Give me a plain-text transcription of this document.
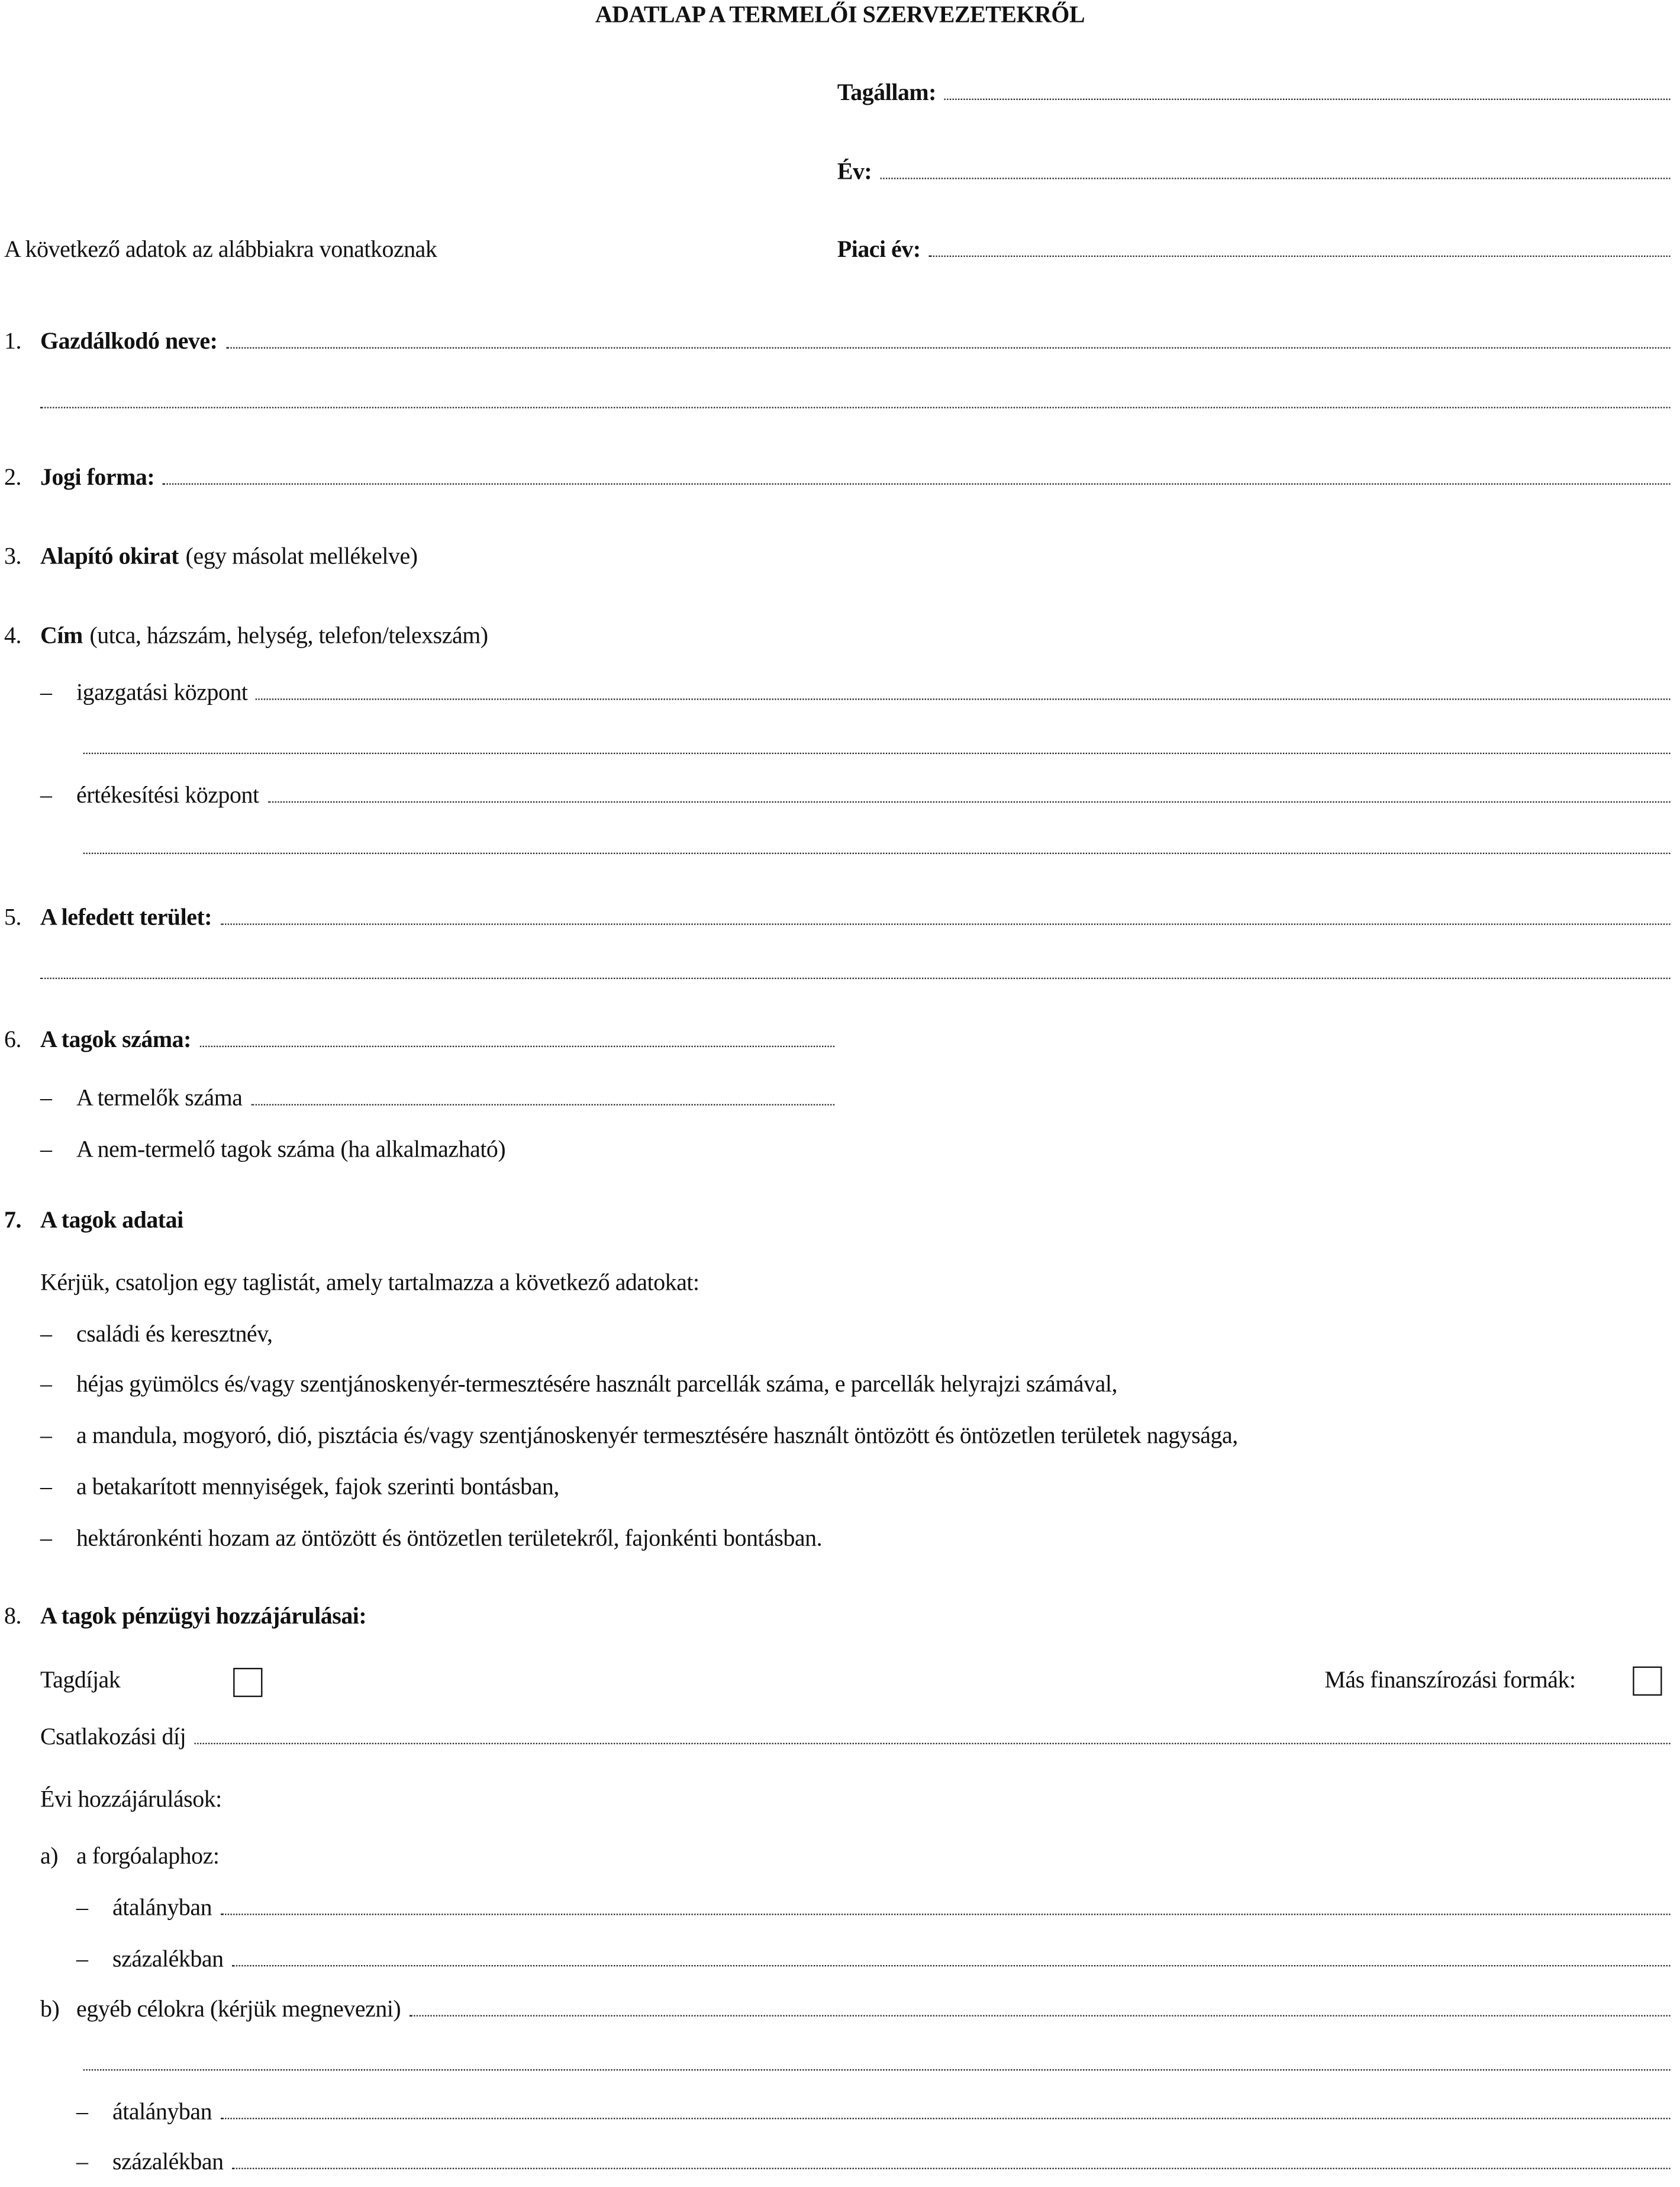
ADATLAP A TERMELŐI SZERVEZETEKRŐL
Tagállam:
Év:
A következő adatok az alábbiakra vonatkoznak	Piaci év:
1.	Gazdálkodó neve:
2.	Jogi forma:
3.	Alapító okirat (egy másolat mellékelve)
4.	Cím (utca, házszám, helység, telefon/telexszám)
–	igazgatási központ
–	értékesítési központ
5.	A lefedett terület:
6.	A tagok száma:
–	A termelők száma
–	A nem-termelő tagok száma (ha alkalmazható)
7.	A tagok adatai
Kérjük, csatoljon egy taglistát, amely tartalmazza a következő adatokat:
–	családi és keresztnév,
–	héjas gyümölcs és/vagy szentjánoskenyér-termesztésére használt parcellák száma, e parcellák helyrajzi számával,
–	a mandula, mogyoró, dió, pisztácia és/vagy szentjánoskenyér termesztésére használt öntözött és öntözetlen területek nagysága,
–	a betakarított mennyiségek, fajok szerinti bontásban,
–	hektáronkénti hozam az öntözött és öntözetlen területekről, fajonkénti bontásban.
8.	A tagok pénzügyi hozzájárulásai:
Tagdíjak	Más finanszírozási formák:
Csatlakozási díj
Évi hozzájárulások:
a)	a forgóalaphoz:
–	átalányban
–	százalékban
b)	egyéb célokra (kérjük megnevezni)
–	átalányban
–	százalékban
